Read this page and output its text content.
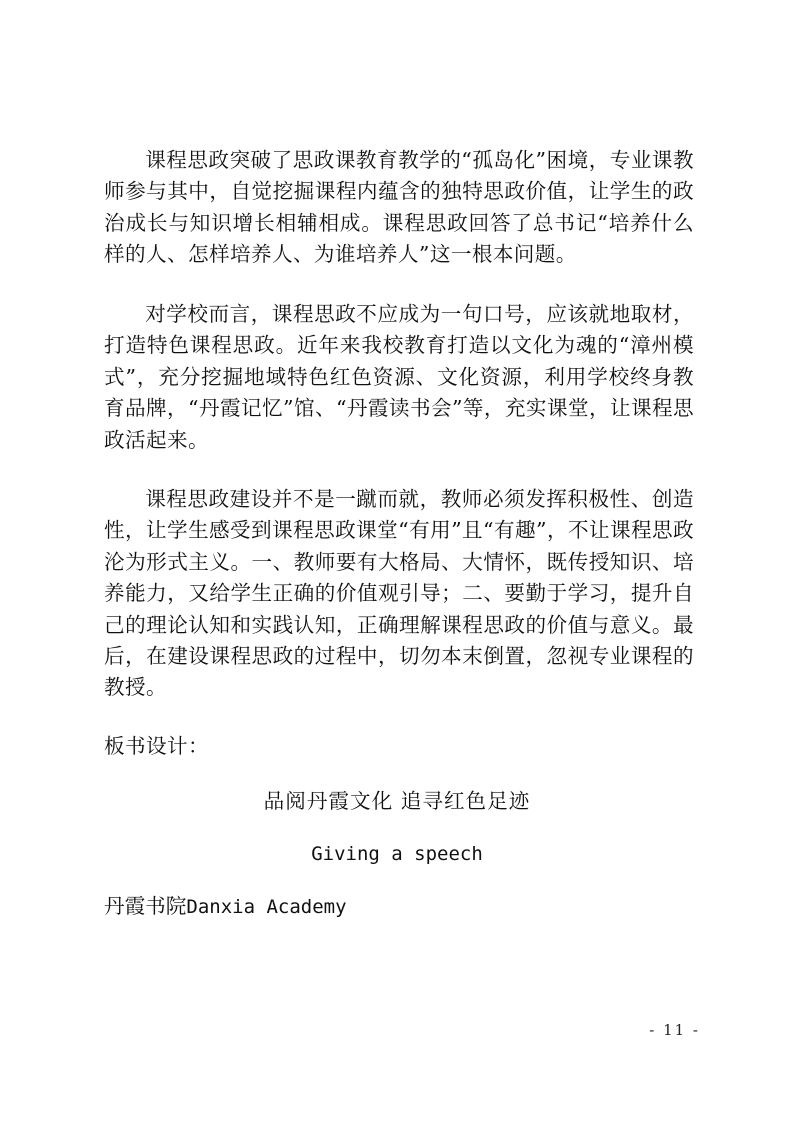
课程思政突破了思政课教育教学的“孤岛化”困境，专业课教师参与其中，自觉挖掘课程内蕴含的独特思政价值，让学生的政治成长与知识增长相辅相成。课程思政回答了总书记“培养什么样的人、怎样培养人、为谁培养人”这一根本问题。

对学校而言，课程思政不应成为一句口号，应该就地取材，打造特色课程思政。近年来我校教育打造以文化为魂的“漳州模式”，充分挖掘地域特色红色资源、文化资源，利用学校终身教育品牌，“丹霞记忆”馆、“丹霞读书会”等，充实课堂，让课程思政活起来。

课程思政建设并不是一蹴而就，教师必须发挥积极性、创造性，让学生感受到课程思政课堂“有用”且“有趣”，不让课程思政沦为形式主义。一、教师要有大格局、大情怀，既传授知识、培养能力，又给学生正确的价值观引导；二、要勤于学习，提升自己的理论认知和实践认知，正确理解课程思政的价值与意义。最后，在建设课程思政的过程中，切勿本末倒置，忽视专业课程的教授。

板书设计：

品阅丹霞文化 追寻红色足迹

Giving a speech

丹霞书院Danxia Academy

- 11 -
